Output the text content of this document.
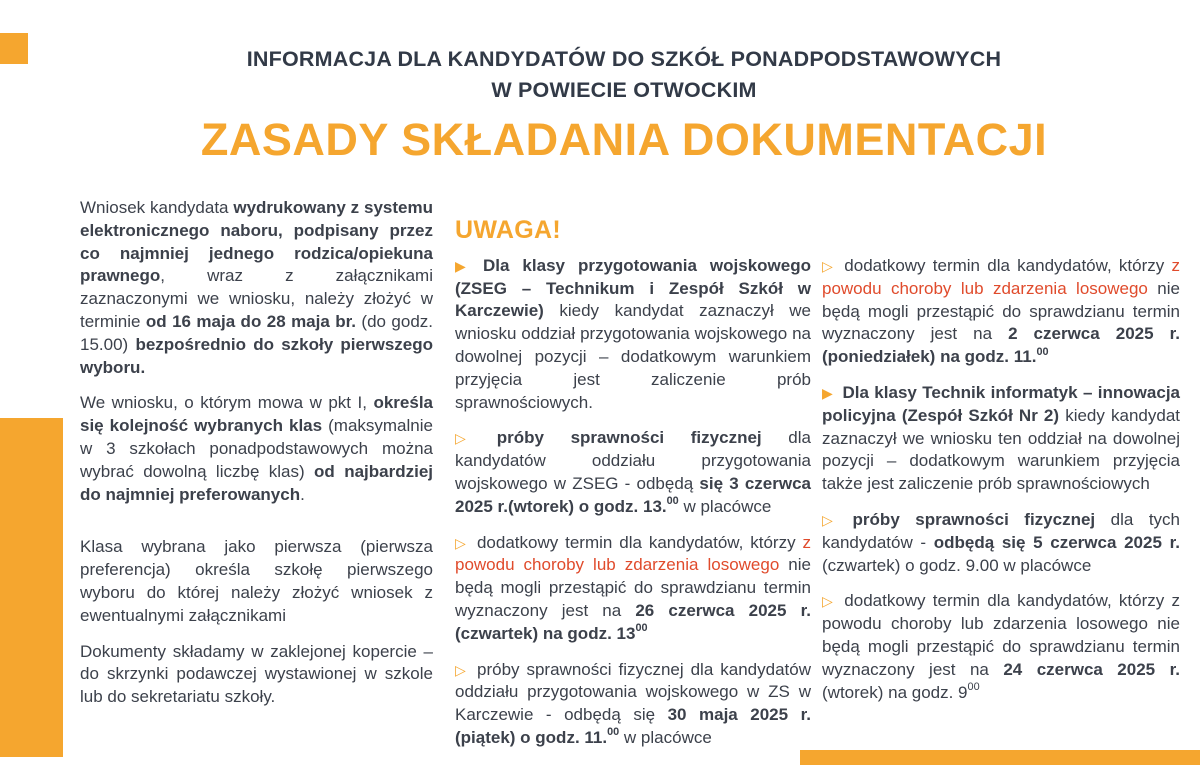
INFORMACJA DLA KANDYDATÓW DO SZKÓŁ PONADPODSTAWOWYCH
W POWIECIE OTWOCKIM
ZASADY SKŁADANIA DOKUMENTACJI

Wniosek kandydata wydrukowany z systemu elektronicznego naboru, podpisany przez co najmniej jednego rodzica/opiekuna prawnego, wraz z załącznikami zaznaczonymi we wniosku, należy złożyć w terminie od 16 maja do 28 maja br. (do godz. 15.00) bezpośrednio do szkoły pierwszego wyboru.

We wniosku, o którym mowa w pkt I, określa się kolejność wybranych klas (maksymalnie w 3 szkołach ponadpodstawowych można wybrać dowolną liczbę klas) od najbardziej do najmniej preferowanych.

Klasa wybrana jako pierwsza (pierwsza preferencja) określa szkołę pierwszego wyboru do której należy złożyć wniosek z ewentualnymi załącznikami

Dokumenty składamy w zaklejonej kopercie – do skrzynki podawczej wystawionej w szkole lub do sekretariatu szkoły.

UWAGA!

▶ Dla klasy przygotowania wojskowego (ZSEG – Technikum i Zespół Szkół w Karczewie) kiedy kandydat zaznaczył we wniosku oddział przygotowania wojskowego na dowolnej pozycji – dodatkowym warunkiem przyjęcia jest zaliczenie prób sprawnościowych.

▷ próby sprawności fizycznej dla kandydatów oddziału przygotowania wojskowego w ZSEG - odbędą się 3 czerwca 2025 r.(wtorek) o godz. 13.00 w placówce

▷ dodatkowy termin dla kandydatów, którzy z powodu choroby lub zdarzenia losowego nie będą mogli przestąpić do sprawdzianu termin wyznaczony jest na 26 czerwca 2025 r. (czwartek) na godz. $13^{00}$

▷ próby sprawności fizycznej dla kandydatów oddziału przygotowania wojskowego w ZS w Karczewie - odbędą się 30 maja 2025 r. (piątek) o godz. 11.00 w placówce

▷ dodatkowy termin dla kandydatów, którzy z powodu choroby lub zdarzenia losowego nie będą mogli przestąpić do sprawdzianu termin wyznaczony jest na 2 czerwca 2025 r. (poniedziałek) na godz. 11.00

▶ Dla klasy Technik informatyk – innowacja policyjna (Zespół Szkół Nr 2) kiedy kandydat zaznaczył we wniosku ten oddział na dowolnej pozycji – dodatkowym warunkiem przyjęcia także jest zaliczenie prób sprawnościowych

▷ próby sprawności fizycznej dla tych kandydatów - odbędą się 5 czerwca 2025 r. (czwartek) o godz. 9.00 w placówce

▷ dodatkowy termin dla kandydatów, którzy z powodu choroby lub zdarzenia losowego nie będą mogli przestąpić do sprawdzianu termin wyznaczony jest na 24 czerwca 2025 r. (wtorek) na godz. $9^{00}$
